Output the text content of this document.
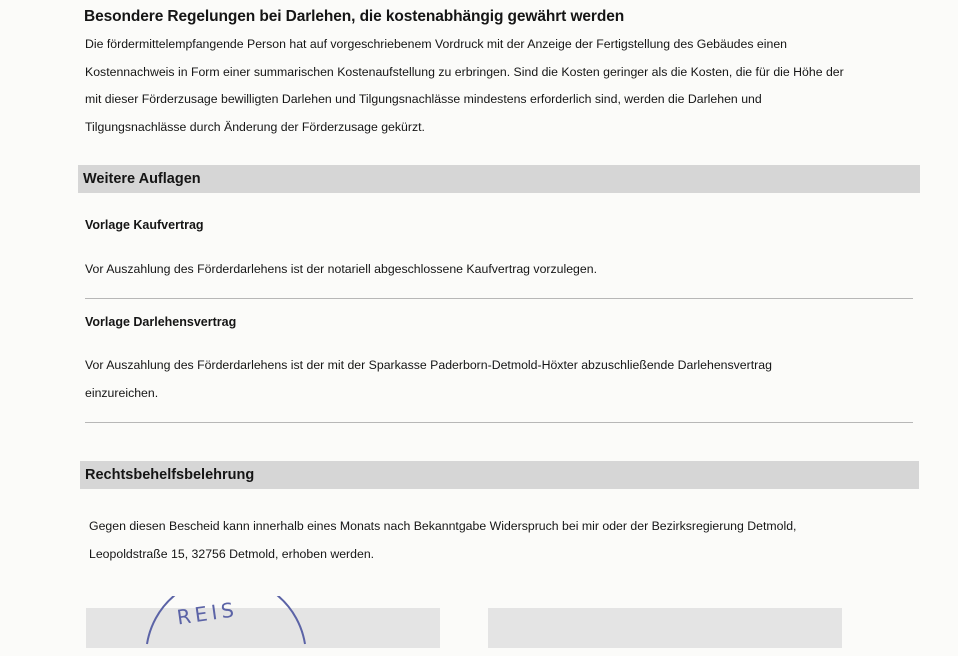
Besondere Regelungen bei Darlehen, die kostenabhängig gewährt werden
Die fördermittelempfangende Person hat auf vorgeschriebenem Vordruck mit der Anzeige der Fertigstellung des Gebäudes einen
Kostennachweis in Form einer summarischen Kostenaufstellung zu erbringen. Sind die Kosten geringer als die Kosten, die für die Höhe der
mit dieser Förderzusage bewilligten Darlehen und Tilgungsnachlässe mindestens erforderlich sind, werden die Darlehen und
Tilgungsnachlässe durch Änderung der Förderzusage gekürzt.
Weitere Auflagen
Vorlage Kaufvertrag
Vor Auszahlung des Förderdarlehens ist der notariell abgeschlossene Kaufvertrag vorzulegen.
Vorlage Darlehensvertrag
Vor Auszahlung des Förderdarlehens ist der mit der Sparkasse Paderborn-Detmold-Höxter abzuschließende Darlehensvertrag
einzureichen.
Rechtsbehelfsbelehrung
Gegen diesen Bescheid kann innerhalb eines Monats nach Bekanntgabe Widerspruch bei mir oder der Bezirksregierung Detmold,
Leopoldstraße 15, 32756 Detmold, erhoben werden.
REIS
